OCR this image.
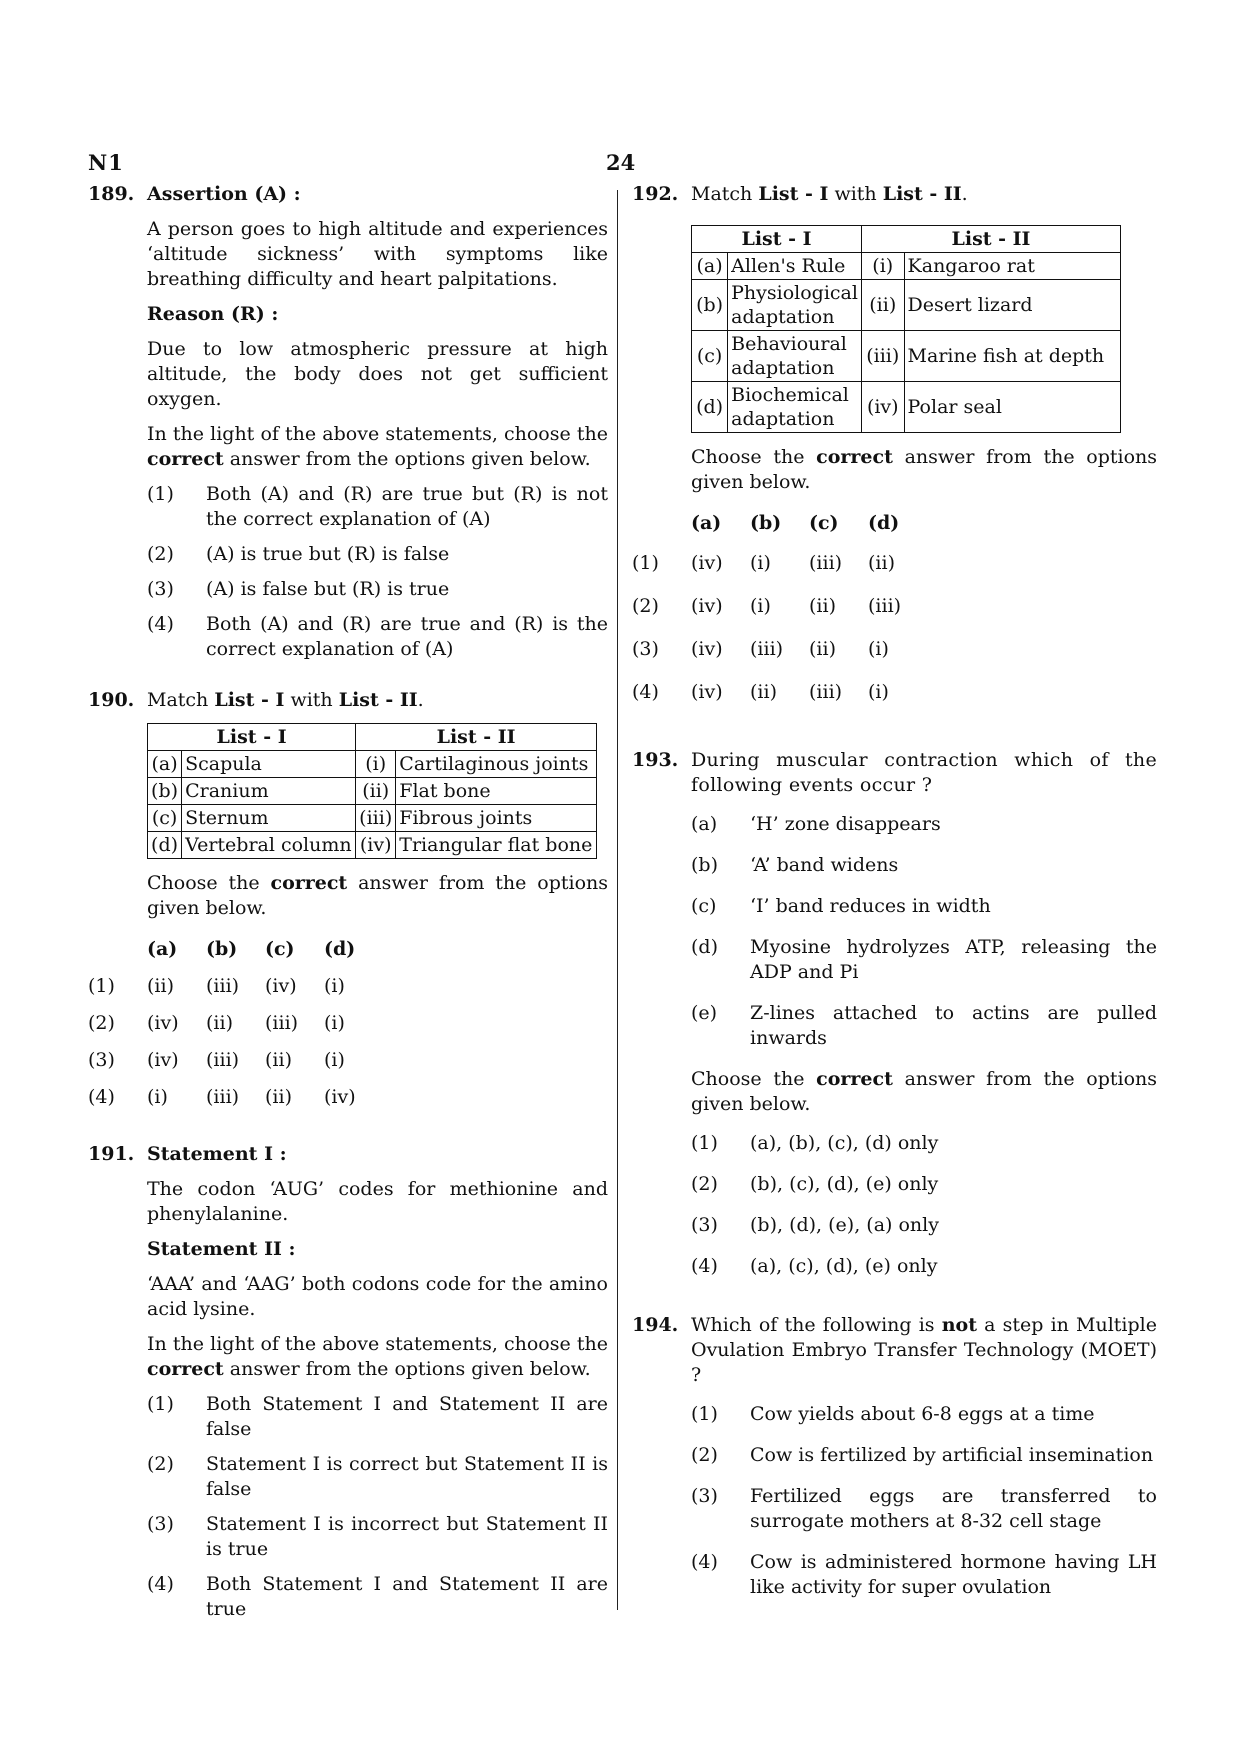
N1	24
189. Assertion (A) :
A person goes to high altitude and experiences ‘altitude sickness’ with symptoms like breathing difficulty and heart palpitations.
Reason (R) :
Due to low atmospheric pressure at high altitude, the body does not get sufficient oxygen.
In the light of the above statements, choose the correct answer from the options given below.
(1)	Both (A) and (R) are true but (R) is not the correct explanation of (A)
(2)	(A) is true but (R) is false
(3)	(A) is false but (R) is true
(4)	Both (A) and (R) are true and (R) is the correct explanation of (A)
190. Match List - I with List - II.
List - I		List - II	
(a)	Scapula	(i)	Cartilaginous joints
(b)	Cranium	(ii)	Flat bone
(c)	Sternum	(iii)	Fibrous joints
(d)	Vertebral column	(iv)	Triangular flat bone
Choose the correct answer from the options given below.
	(a)	(b)	(c)	(d)
(1)	(ii)	(iii)	(iv)	(i)
(2)	(iv)	(ii)	(iii)	(i)
(3)	(iv)	(iii)	(ii)	(i)
(4)	(i)	(iii)	(ii)	(iv)
191. Statement I :
The codon ‘AUG’ codes for methionine and phenylalanine.
Statement II :
‘AAA’ and ‘AAG’ both codons code for the amino acid lysine.
In the light of the above statements, choose the correct answer from the options given below.
(1)	Both Statement I and Statement II are false
(2)	Statement I is correct but Statement II is false
(3)	Statement I is incorrect but Statement II is true
(4)	Both Statement I and Statement II are true
192. Match List - I with List - II.
List - I		List - II	
(a)	Allen's Rule	(i)	Kangaroo rat
(b)	Physiological adaptation	(ii)	Desert lizard
(c)	Behavioural adaptation	(iii)	Marine fish at depth
(d)	Biochemical adaptation	(iv)	Polar seal
Choose the correct answer from the options given below.
	(a)	(b)	(c)	(d)
(1)	(iv)	(i)	(iii)	(ii)
(2)	(iv)	(i)	(ii)	(iii)
(3)	(iv)	(iii)	(ii)	(i)
(4)	(iv)	(ii)	(iii)	(i)
193. During muscular contraction which of the following events occur ?
(a)	‘H’ zone disappears
(b)	‘A’ band widens
(c)	‘I’ band reduces in width
(d)	Myosine hydrolyzes ATP, releasing the ADP and Pi
(e)	Z-lines attached to actins are pulled inwards
Choose the correct answer from the options given below.
(1)	(a), (b), (c), (d) only
(2)	(b), (c), (d), (e) only
(3)	(b), (d), (e), (a) only
(4)	(a), (c), (d), (e) only
194. Which of the following is not a step in Multiple Ovulation Embryo Transfer Technology (MOET) ?
(1)	Cow yields about 6-8 eggs at a time
(2)	Cow is fertilized by artificial insemination
(3)	Fertilized eggs are transferred to surrogate mothers at 8-32 cell stage
(4)	Cow is administered hormone having LH like activity for super ovulation
